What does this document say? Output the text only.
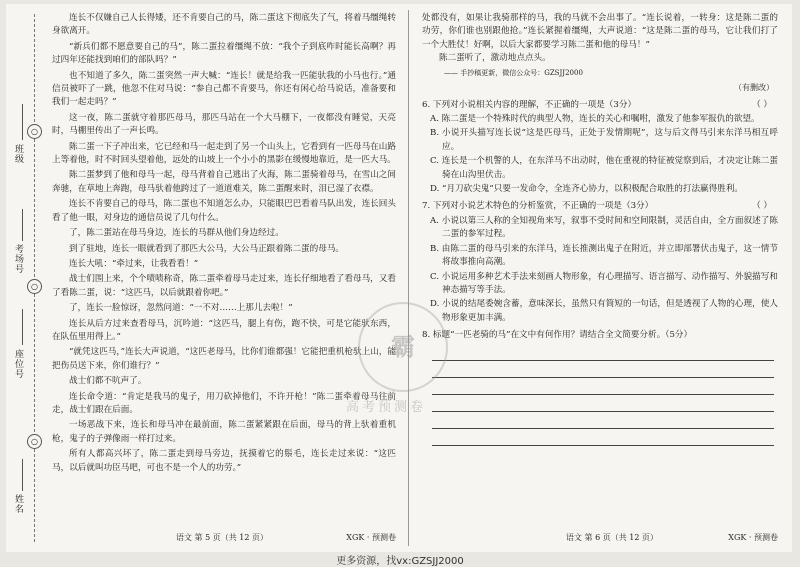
○
○
○
班级
考场号
座位号
姓名

连长不仅嫌自己人长得矮，还不肯要自己的马，陈二蛋这下彻底失了气，将着马缰绳转身欲离开。

“新兵们都不愿意要自己的马”，陈二蛋拉着缰绳不放：“我个子到底咋时能长高啊？再过四年还能找到咱们的部队吗？”

也不知道了多久，陈二蛋突然一声大喊：“连长！就是给我一匹能驮我的小马也行。”通信员被吓了一跳，他忽不住对马说：“参自己都不肯要马，你还有闲心给马说话，准备要和我们一起走吗？”

这一夜，陈二蛋就守着那匹母马，那匹马站在一个大马棚下，一夜都没有睡觉，天亮时，马棚里传出了一声长鸣。

陈二蛋一下子冲出来，它已经和马一起走到了另一个山头上，它看到有一匹母马在山路上等着他，时不时回头望着他，远处的山坡上一个小小的黑影在缓慢地靠近，是一匹大马。

陈二蛋梦到了他和母马一起，母马背着自己逃出了火海，陈二蛋骑着母马，在雪山之间奔驰，在草地上奔跑，母马驮着他跨过了一道道难关，陈二蛋醒来时，泪已湿了衣襟。

连长不肯要自己的母马，陈二蛋也不知道怎么办，只能眼巴巴看着马队出发，连长回头看了他一眼，对身边的通信员说了几句什么。

了，陈二蛋站在母马身边，连长的马群从他们身边经过。

到了驻地，连长一眼就看到了那匹大公马，大公马正跟着陈二蛋的母马。

连长大吼：“牵过来，让我看看！”

战士们围上来，个个啧啧称奇，陈二蛋牵着母马走过来，连长仔细地看了看母马，又看了看陈二蛋，说：“这匹马，以后就跟着你吧。”

了，连长一脸惊讶，忽然问道：“一不对……上那儿去啦！”

连长从后方过来查看母马，沉吟道：“这匹马，腿上有伤，跑不快，可是它能驮东西，在队伍里用得上。”

“就凭这匹马，”连长大声说道，“这匹老母马，比你们谁都强！它能把重机枪驮上山，能把伤员送下来，你们谁行？”

战士们都不吭声了。

连长命令道：“肯定是我马的鬼子，用刀砍掉他们，不许开枪！”陈二蛋牵着母马往前走，战士们跟在后面。

一场恶战下来，连长和母马冲在最前面，陈二蛋紧紧跟在后面，母马的背上驮着重机枪，鬼子的子弹像雨一样打过来。

所有人都高兴坏了，陈二蛋走到母马旁边，抚摸着它的鬃毛，连长走过来说：“这匹马，以后就叫功臣马吧，可也不是一个人的功劳。”

语文 第 5 页（共 12 页）	XGK · 预测卷

处都没有，如果让我骑那样的马，我的马就不会出事了。“连长说着，一转身：这是陈二蛋的功劳，你们谁也别跟他抢。”连长紧握着缰绳，大声说道：“这是陈二蛋的母马，它让我们打了一个大胜仗！好啊，以后大家都要学习陈二蛋和他的母马！”

陈二蛋听了，激动地点点头。

—— 手抄稿更新，微信公众号：GZSJJ2000

（有删改）

6. 下列对小说相关内容的理解，不正确的一项是（3分）	（ ）

A. 陈二蛋是一个特殊时代的典型人物，连长的关心和嘱咐，激发了他参军报仇的欲望。

B. 小说开头描写连长说“这是匹母马，正处于发情期呢”，这与后文得马引来东洋马相互呼应。

C. 连长是一个机警的人，在东洋马不出动时，他在重视的特征被觉察到后，才决定让陈二蛋骑在山沟里伏击。

D. “月刀砍尖鬼”只要一发命令，全连齐心协力，以积极配合取胜的打法赢得胜利。

7. 下列对小说艺术特色的分析鉴赏，不正确的一项是（3分）	（ ）

A. 小说以第三人称的全知视角来写，叙事不受时间和空间限制，灵活自由，全方面叙述了陈二蛋的参军过程。

B. 由陈二蛋的母马引来的东洋马，连长推测出鬼子在附近，并立即部署伏击鬼子，这一情节将故事推向高潮。

C. 小说运用多种艺术手法来刻画人物形象，有心理描写、语言描写、动作描写、外貌描写和神态描写等手法。

D. 小说的结尾委婉含蓄，意味深长，虽然只有简短的一句话，但是透视了人物的心理，使人物形象更加丰满。

8. 标题“一匹老骑的马”在文中有何作用？请结合全文简要分析。（5分）

语文 第 6 页（共 12 页）	XGK · 预测卷
霸
高考预测卷
更多资源，找vx:GZSJJ2000
